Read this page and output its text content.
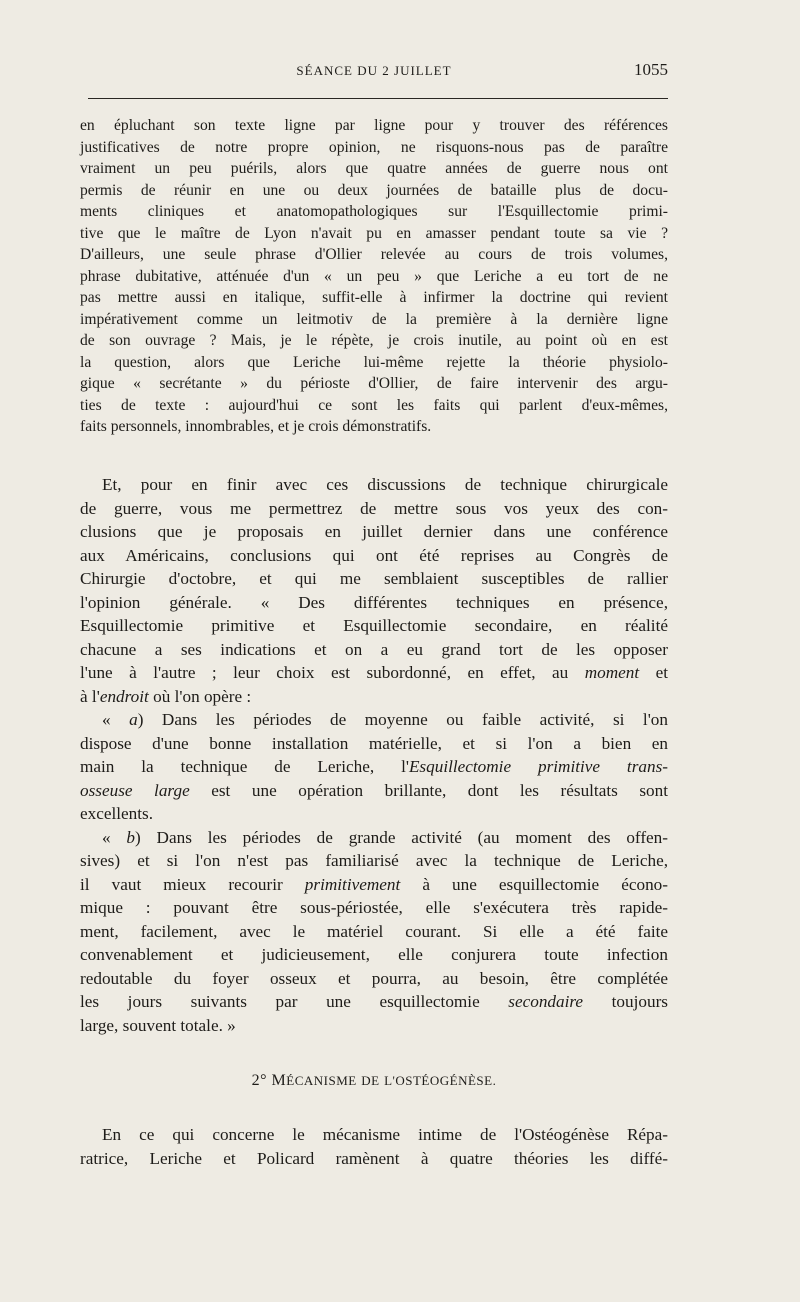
SÉANCE DU 2 JUILLET	1055
en épluchant son texte ligne par ligne pour y trouver des références
justificatives de notre propre opinion, ne risquons-nous pas de paraître
vraiment un peu puérils, alors que quatre années de guerre nous ont
permis de réunir en une ou deux journées de bataille plus de docu-
ments cliniques et anatomopathologiques sur l'Esquillectomie primi-
tive que le maître de Lyon n'avait pu en amasser pendant toute sa vie ?
D'ailleurs, une seule phrase d'Ollier relevée au cours de trois volumes,
phrase dubitative, atténuée d'un « un peu » que Leriche a eu tort de ne
pas mettre aussi en italique, suffit-elle à infirmer la doctrine qui revient
impérativement comme un leitmotiv de la première à la dernière ligne
de son ouvrage ? Mais, je le répète, je crois inutile, au point où en est
la question, alors que Leriche lui-même rejette la théorie physiolo-
gique « secrétante » du périoste d'Ollier, de faire intervenir des argu-
ties de texte : aujourd'hui ce sont les faits qui parlent d'eux-mêmes,
faits personnels, innombrables, et je crois démonstratifs.
Et, pour en finir avec ces discussions de technique chirurgicale
de guerre, vous me permettrez de mettre sous vos yeux des con-
clusions que je proposais en juillet dernier dans une conférence
aux Américains, conclusions qui ont été reprises au Congrès de
Chirurgie d'octobre, et qui me semblaient susceptibles de rallier
l'opinion générale. « Des différentes techniques en présence,
Esquillectomie primitive et Esquillectomie secondaire, en réalité
chacune a ses indications et on a eu grand tort de les opposer
l'une à l'autre ; leur choix est subordonné, en effet, au moment et
à l'endroit où l'on opère :
« a) Dans les périodes de moyenne ou faible activité, si l'on
dispose d'une bonne installation matérielle, et si l'on a bien en
main la technique de Leriche, l'Esquillectomie primitive trans-
osseuse large est une opération brillante, dont les résultats sont
excellents.
« b) Dans les périodes de grande activité (au moment des offen-
sives) et si l'on n'est pas familiarisé avec la technique de Leriche,
il vaut mieux recourir primitivement à une esquillectomie écono-
mique : pouvant être sous-périostée, elle s'exécutera très rapide-
ment, facilement, avec le matériel courant. Si elle a été faite
convenablement et judicieusement, elle conjurera toute infection
redoutable du foyer osseux et pourra, au besoin, être complétée
les jours suivants par une esquillectomie secondaire toujours
large, souvent totale. »
2° MÉCANISME DE L'OSTÉOGÉNÈSE.
En ce qui concerne le mécanisme intime de l'Ostéogénèse Répa-
ratrice, Leriche et Policard ramènent à quatre théories les diffé-
